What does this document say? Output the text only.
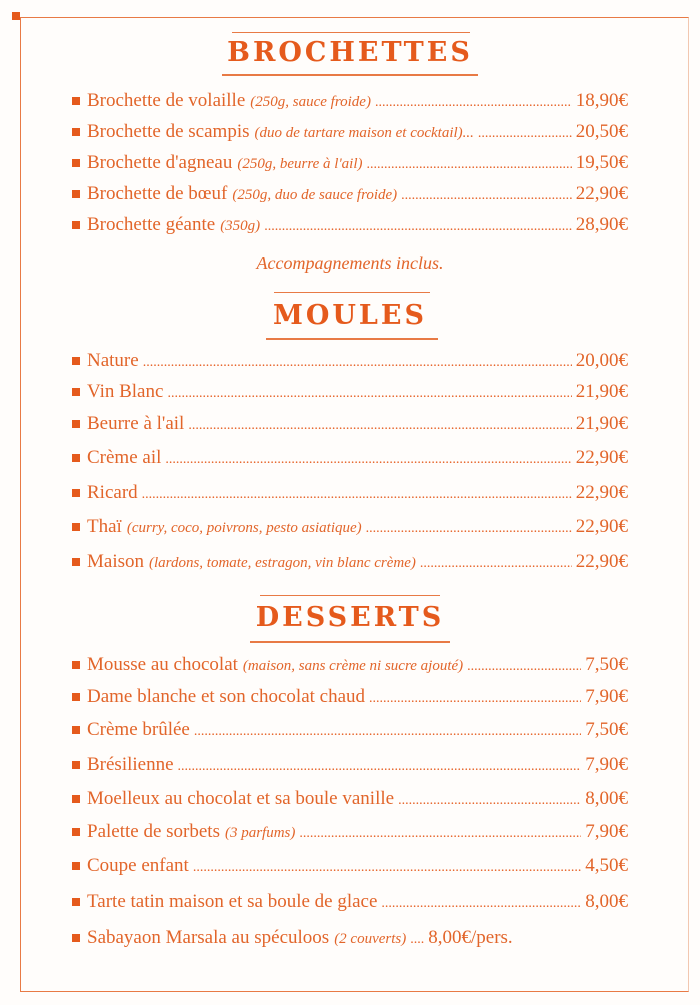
BROCHETTES
Brochette de volaille (250g, sauce froide) .....	18,90€
Brochette de scampis (duo de tartare maison et cocktail)... .....	20,50€
Brochette d'agneau (250g, beurre à l'ail) .....	19,50€
Brochette de bœuf (250g, duo de sauce froide) .....	22,90€
Brochette géante (350g) .....	28,90€
Accompagnements inclus.
MOULES
Nature .....	20,00€
Vin Blanc .....	21,90€
Beurre à l'ail .....	21,90€
Crème ail .....	22,90€
Ricard .....	22,90€
Thaï (curry, coco, poivrons, pesto asiatique) .....	22,90€
Maison (lardons, tomate, estragon, vin blanc crème) .....	22,90€
DESSERTS
Mousse au chocolat (maison, sans crème ni sucre ajouté) .....	7,50€
Dame blanche et son chocolat chaud .....	7,90€
Crème brûlée .....	7,50€
Brésilienne .....	7,90€
Moelleux au chocolat et sa boule vanille .....	8,00€
Palette de sorbets (3 parfums) .....	7,90€
Coupe enfant .....	4,50€
Tarte tatin maison et sa boule de glace .....	8,00€
Sabayaon Marsala au spéculoos (2 couverts) ..... 8,00€/pers.
